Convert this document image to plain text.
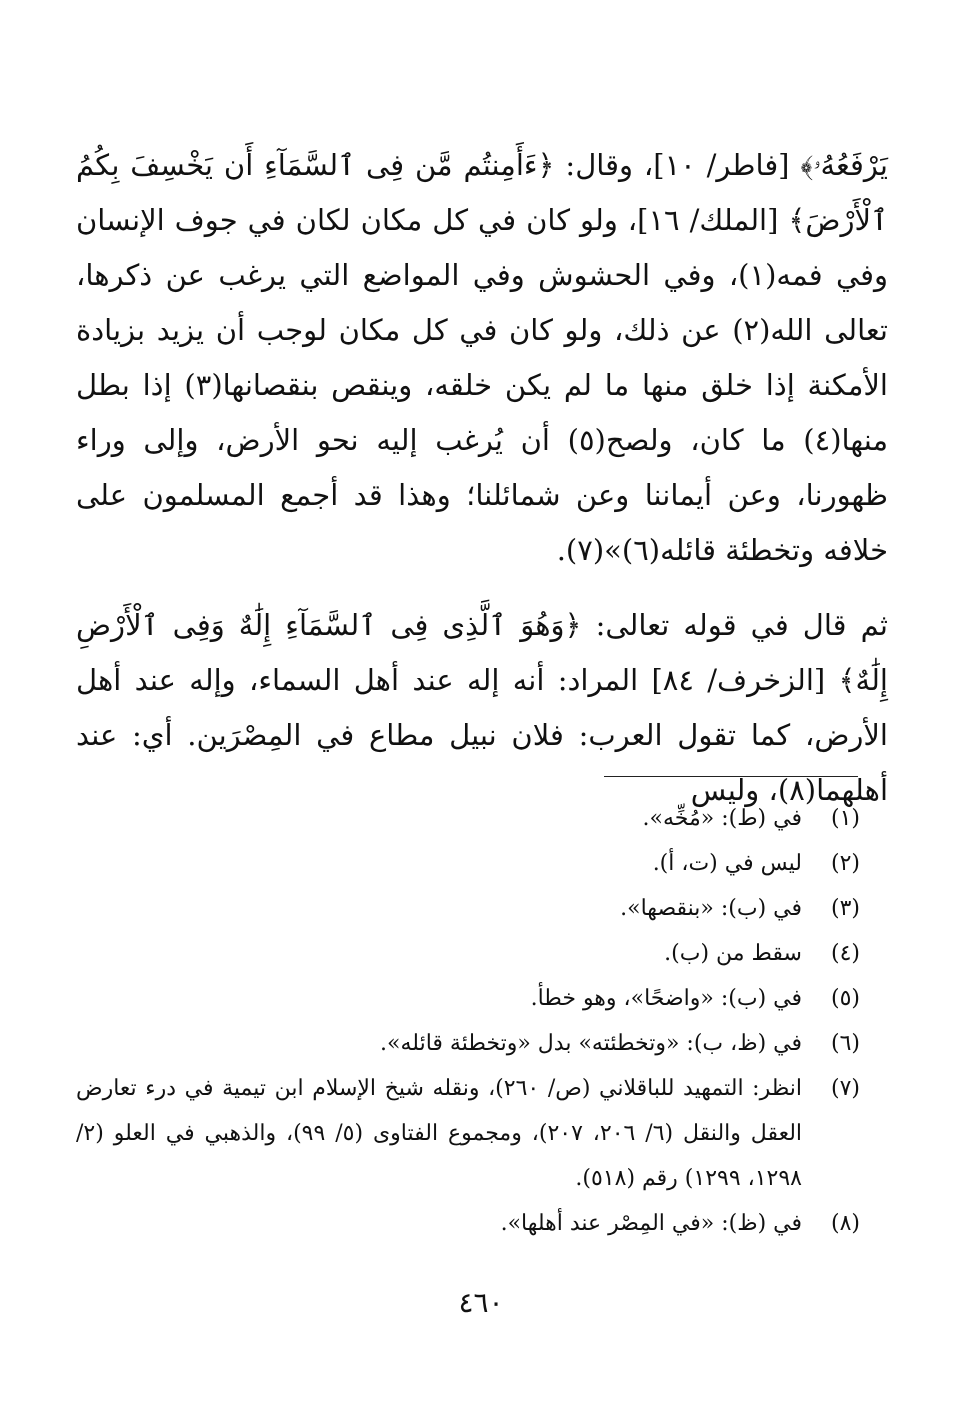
يَرْفَعُهُۥ﴾ [فاطر/ ١٠]، وقال: ﴿ءَأَمِنتُم مَّن فِى ٱلسَّمَآءِ أَن يَخْسِفَ بِكُمُ ٱلْأَرْضَ﴾ [الملك/ ١٦]، ولو كان في كل مكان لكان في جوف الإنسان وفي فمه(١)، وفي الحشوش وفي المواضع التي يرغب عن ذكرها، تعالى الله(٢) عن ذلك، ولو كان في كل مكان لوجب أن يزيد بزيادة الأمكنة إذا خلق منها ما لم يكن خلقه، وينقص بنقصانها(٣) إذا بطل منها(٤) ما كان، ولصح(٥) أن يُرغب إليه نحو الأرض، وإلى وراء ظهورنا، وعن أيماننا وعن شمائلنا؛ وهذا قد أجمع المسلمون على خلافه وتخطئة قائله(٦)»(٧).

ثم قال في قوله تعالى: ﴿وَهُوَ ٱلَّذِى فِى ٱلسَّمَآءِ إِلَٰهٌ وَفِى ٱلْأَرْضِ إِلَٰهٌ﴾ [الزخرف/ ٨٤] المراد: أنه إله عند أهل السماء، وإله عند أهل الأرض، كما تقول العرب: فلان نبيل مطاع في المِصْرَين. أي: عند أهلهما(٨)، وليس

(١)
في (ط): «مُخِّه».
(٢)
ليس في (ت، أ).
(٣)
في (ب): «بنقصها».
(٤)
سقط من (ب).
(٥)
في (ب): «واضحًا»، وهو خطأ.
(٦)
في (ظ، ب): «وتخطئته» بدل «وتخطئة قائله».
(٧)
انظر: التمهيد للباقلاني (ص/ ٢٦٠)، ونقله شيخ الإسلام ابن تيمية في درء تعارض العقل والنقل (٦/ ٢٠٦، ٢٠٧)، ومجموع الفتاوى (٥/ ٩٩)، والذهبي في العلو (٢/ ١٢٩٨، ١٢٩٩) رقم (٥١٨).
(٨)
في (ظ): «في المِصْر عند أهلها».
٤٦٠
